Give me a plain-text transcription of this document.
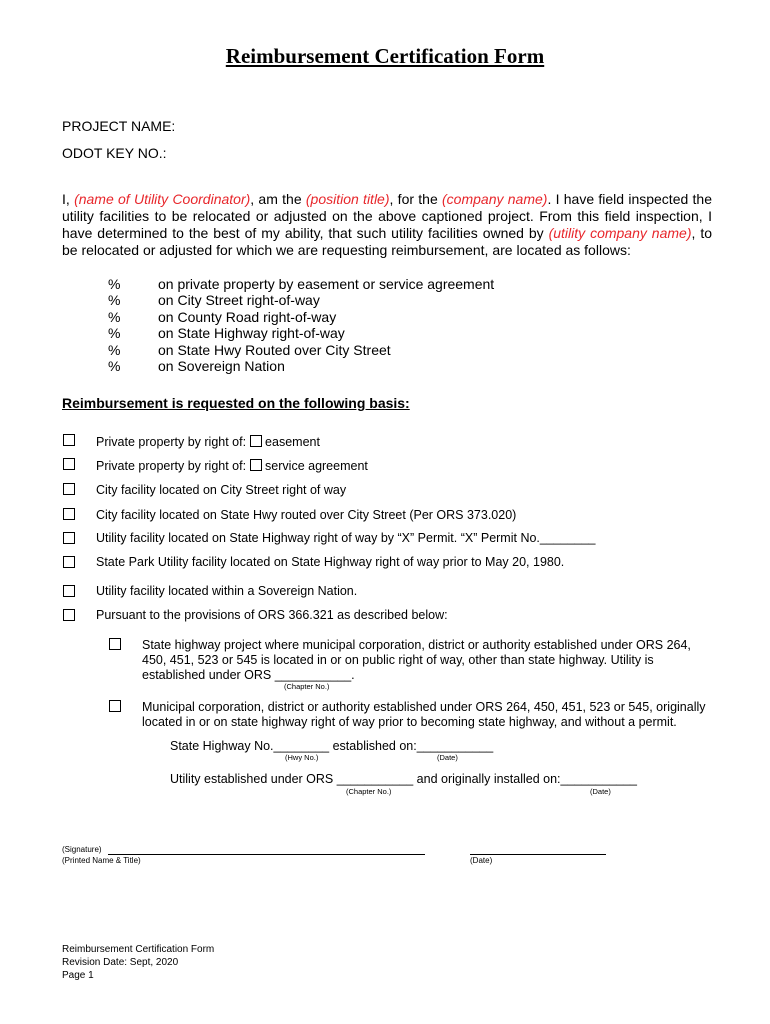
Reimbursement Certification Form
PROJECT NAME:
ODOT KEY NO.:
I, (name of Utility Coordinator), am the (position title), for the (company name). I have field inspected the utility facilities to be relocated or adjusted on the above captioned project. From this field inspection, I have determined to the best of my ability, that such utility facilities owned by (utility company name), to be relocated or adjusted for which we are requesting reimbursement, are located as follows:
%	on private property by easement or service agreement
%	on City Street right-of-way
%	on County Road right-of-way
%	on State Highway right-of-way
%	on State Hwy Routed over City Street
%	on Sovereign Nation
Reimbursement is requested on the following basis:
Private property by right of: easement
Private property by right of: service agreement
City facility located on City Street right of way
City facility located on State Hwy routed over City Street (Per ORS 373.020)
Utility facility located on State Highway right of way by “X” Permit. “X” Permit No.________
State Park Utility facility located on State Highway right of way prior to May 20, 1980.
Utility facility located within a Sovereign Nation.
Pursuant to the provisions of ORS 366.321 as described below:
State highway project where municipal corporation, district or authority established under ORS 264, 450, 451, 523 or 545 is located in or on public right of way, other than state highway. Utility is established under ORS ___________.
(Chapter No.)
Municipal corporation, district or authority established under ORS 264, 450, 451, 523 or 545, originally located in or on state highway right of way prior to becoming state highway, and without a permit.
State Highway No.________ established on:___________
(Hwy No.)	(Date)
Utility established under ORS ___________ and originally installed on:___________
(Chapter No.)	(Date)
(Signature)
(Printed Name & Title)	(Date)
Reimbursement Certification Form
Revision Date: Sept, 2020
Page 1
